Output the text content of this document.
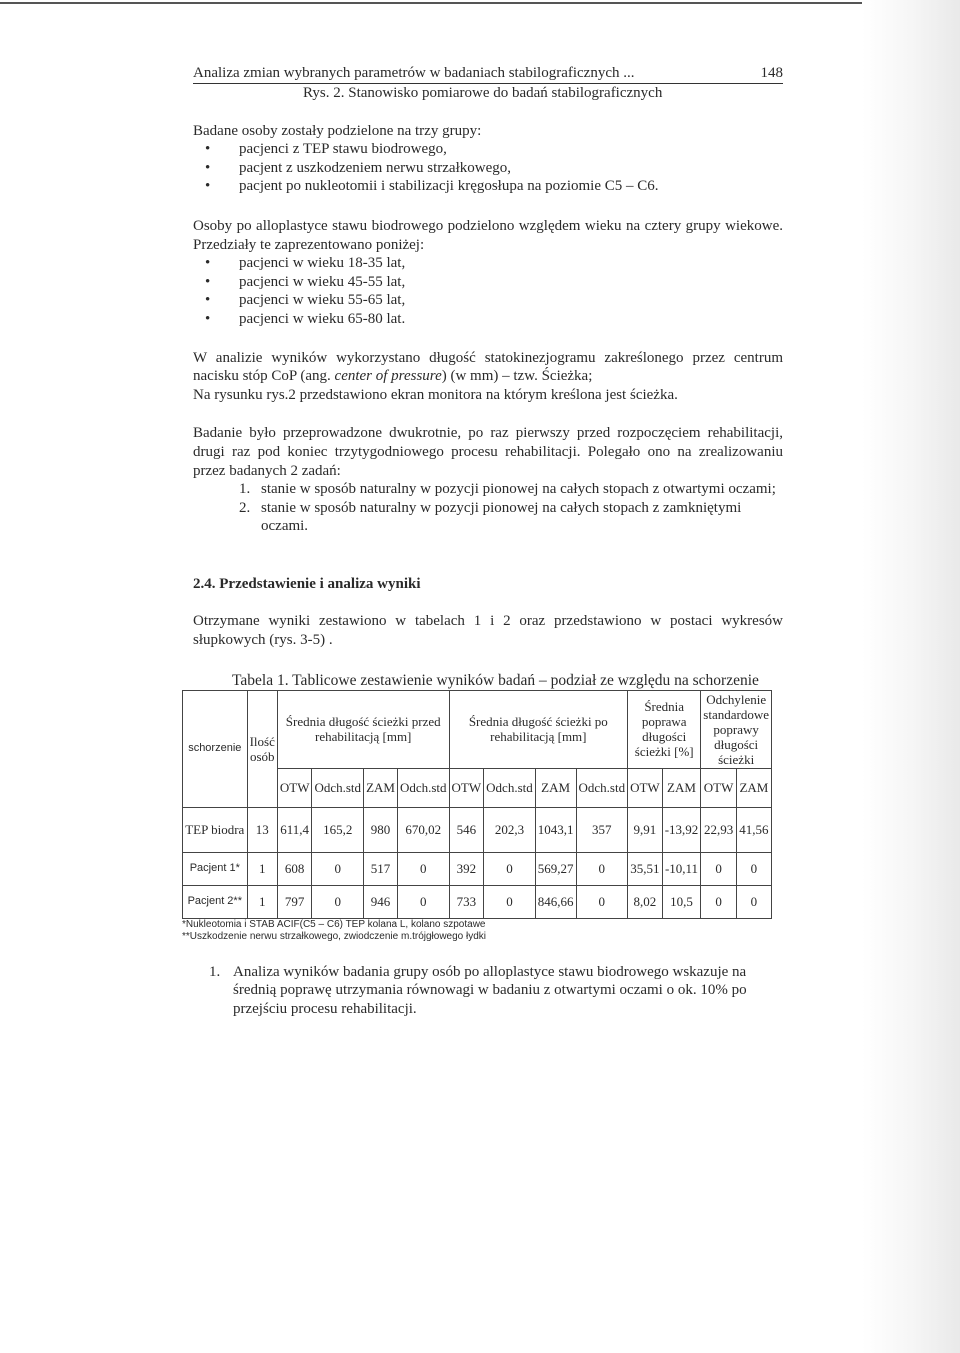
Analiza zmian wybranych parametrów w badaniach stabilograficznych ...	148

Rys. 2. Stanowisko pomiarowe do badań stabilograficznych

Badane osoby zostały podzielone na trzy grupy:

• pacjenci z TEP stawu biodrowego,
• pacjent z uszkodzeniem nerwu strzałkowego,
• pacjent po nukleotomii i stabilizacji kręgosłupa na poziomie C5 – C6.

Osoby po alloplastyce stawu biodrowego podzielono względem wieku na cztery grupy wiekowe. Przedziały te zaprezentowano poniżej:

• pacjenci w wieku 18-35 lat,
• pacjenci w wieku 45-55 lat,
• pacjenci w wieku 55-65 lat,
• pacjenci w wieku 65-80 lat.

W analizie wyników wykorzystano długość statokinezjogramu zakreślonego przez centrum nacisku stóp CoP (ang. center of pressure) (w mm) – tzw. Ścieżka;

Na rysunku rys.2 przedstawiono ekran monitora na którym kreślona jest ścieżka.

Badanie było przeprowadzone dwukrotnie, po raz pierwszy przed rozpoczęciem rehabilitacji, drugi raz pod koniec trzytygodniowego procesu rehabilitacji. Polegało ono na zrealizowaniu przez badanych 2 zadań:

1. stanie w sposób naturalny w pozycji pionowej na całych stopach z otwartymi oczami;
2. stanie w sposób naturalny w pozycji pionowej na całych stopach z zamkniętymi oczami.

2.4. Przedstawienie i analiza wyniki

Otrzymane wyniki zestawiono w tabelach 1 i 2 oraz przedstawiono w postaci wykresów słupkowych (rys. 3-5) .

Tabela 1. Tablicowe zestawienie wyników badań – podział ze względu na schorzenie
schorzenie	Ilość osób	Średnia długość ścieżki przed rehabilitacją [mm]				Średnia długość ścieżki po rehabilitacją [mm]				Średnia poprawa długości ścieżki [%]		Odchylenie standardowe poprawy długości ścieżki	
		OTW	Odch.std	ZAM	Odch.std	OTW	Odch.std	ZAM	Odch.std	OTW	ZAM	OTW	ZAM
TEP biodra	13	611,4	165,2	980	670,02	546	202,3	1043,1	357	9,91	-13,92	22,93	41,56
Pacjent 1*	1	608	0	517	0	392	0	569,27	0	35,51	-10,11	0	0
Pacjent 2**	1	797	0	946	0	733	0	846,66	0	8,02	10,5	0	0
*Nukleotomia i STAB ACIF(C5 – C6) TEP kolana L, kolano szpotawe
**Uszkodzenie nerwu strzałkowego, zwiodczenie m.trójgłowego łydki

1. Analiza wyników badania grupy osób po alloplastyce stawu biodrowego wskazuje na średnią poprawę utrzymania równowagi w badaniu z otwartymi oczami o ok. 10% po przejściu procesu rehabilitacji.
